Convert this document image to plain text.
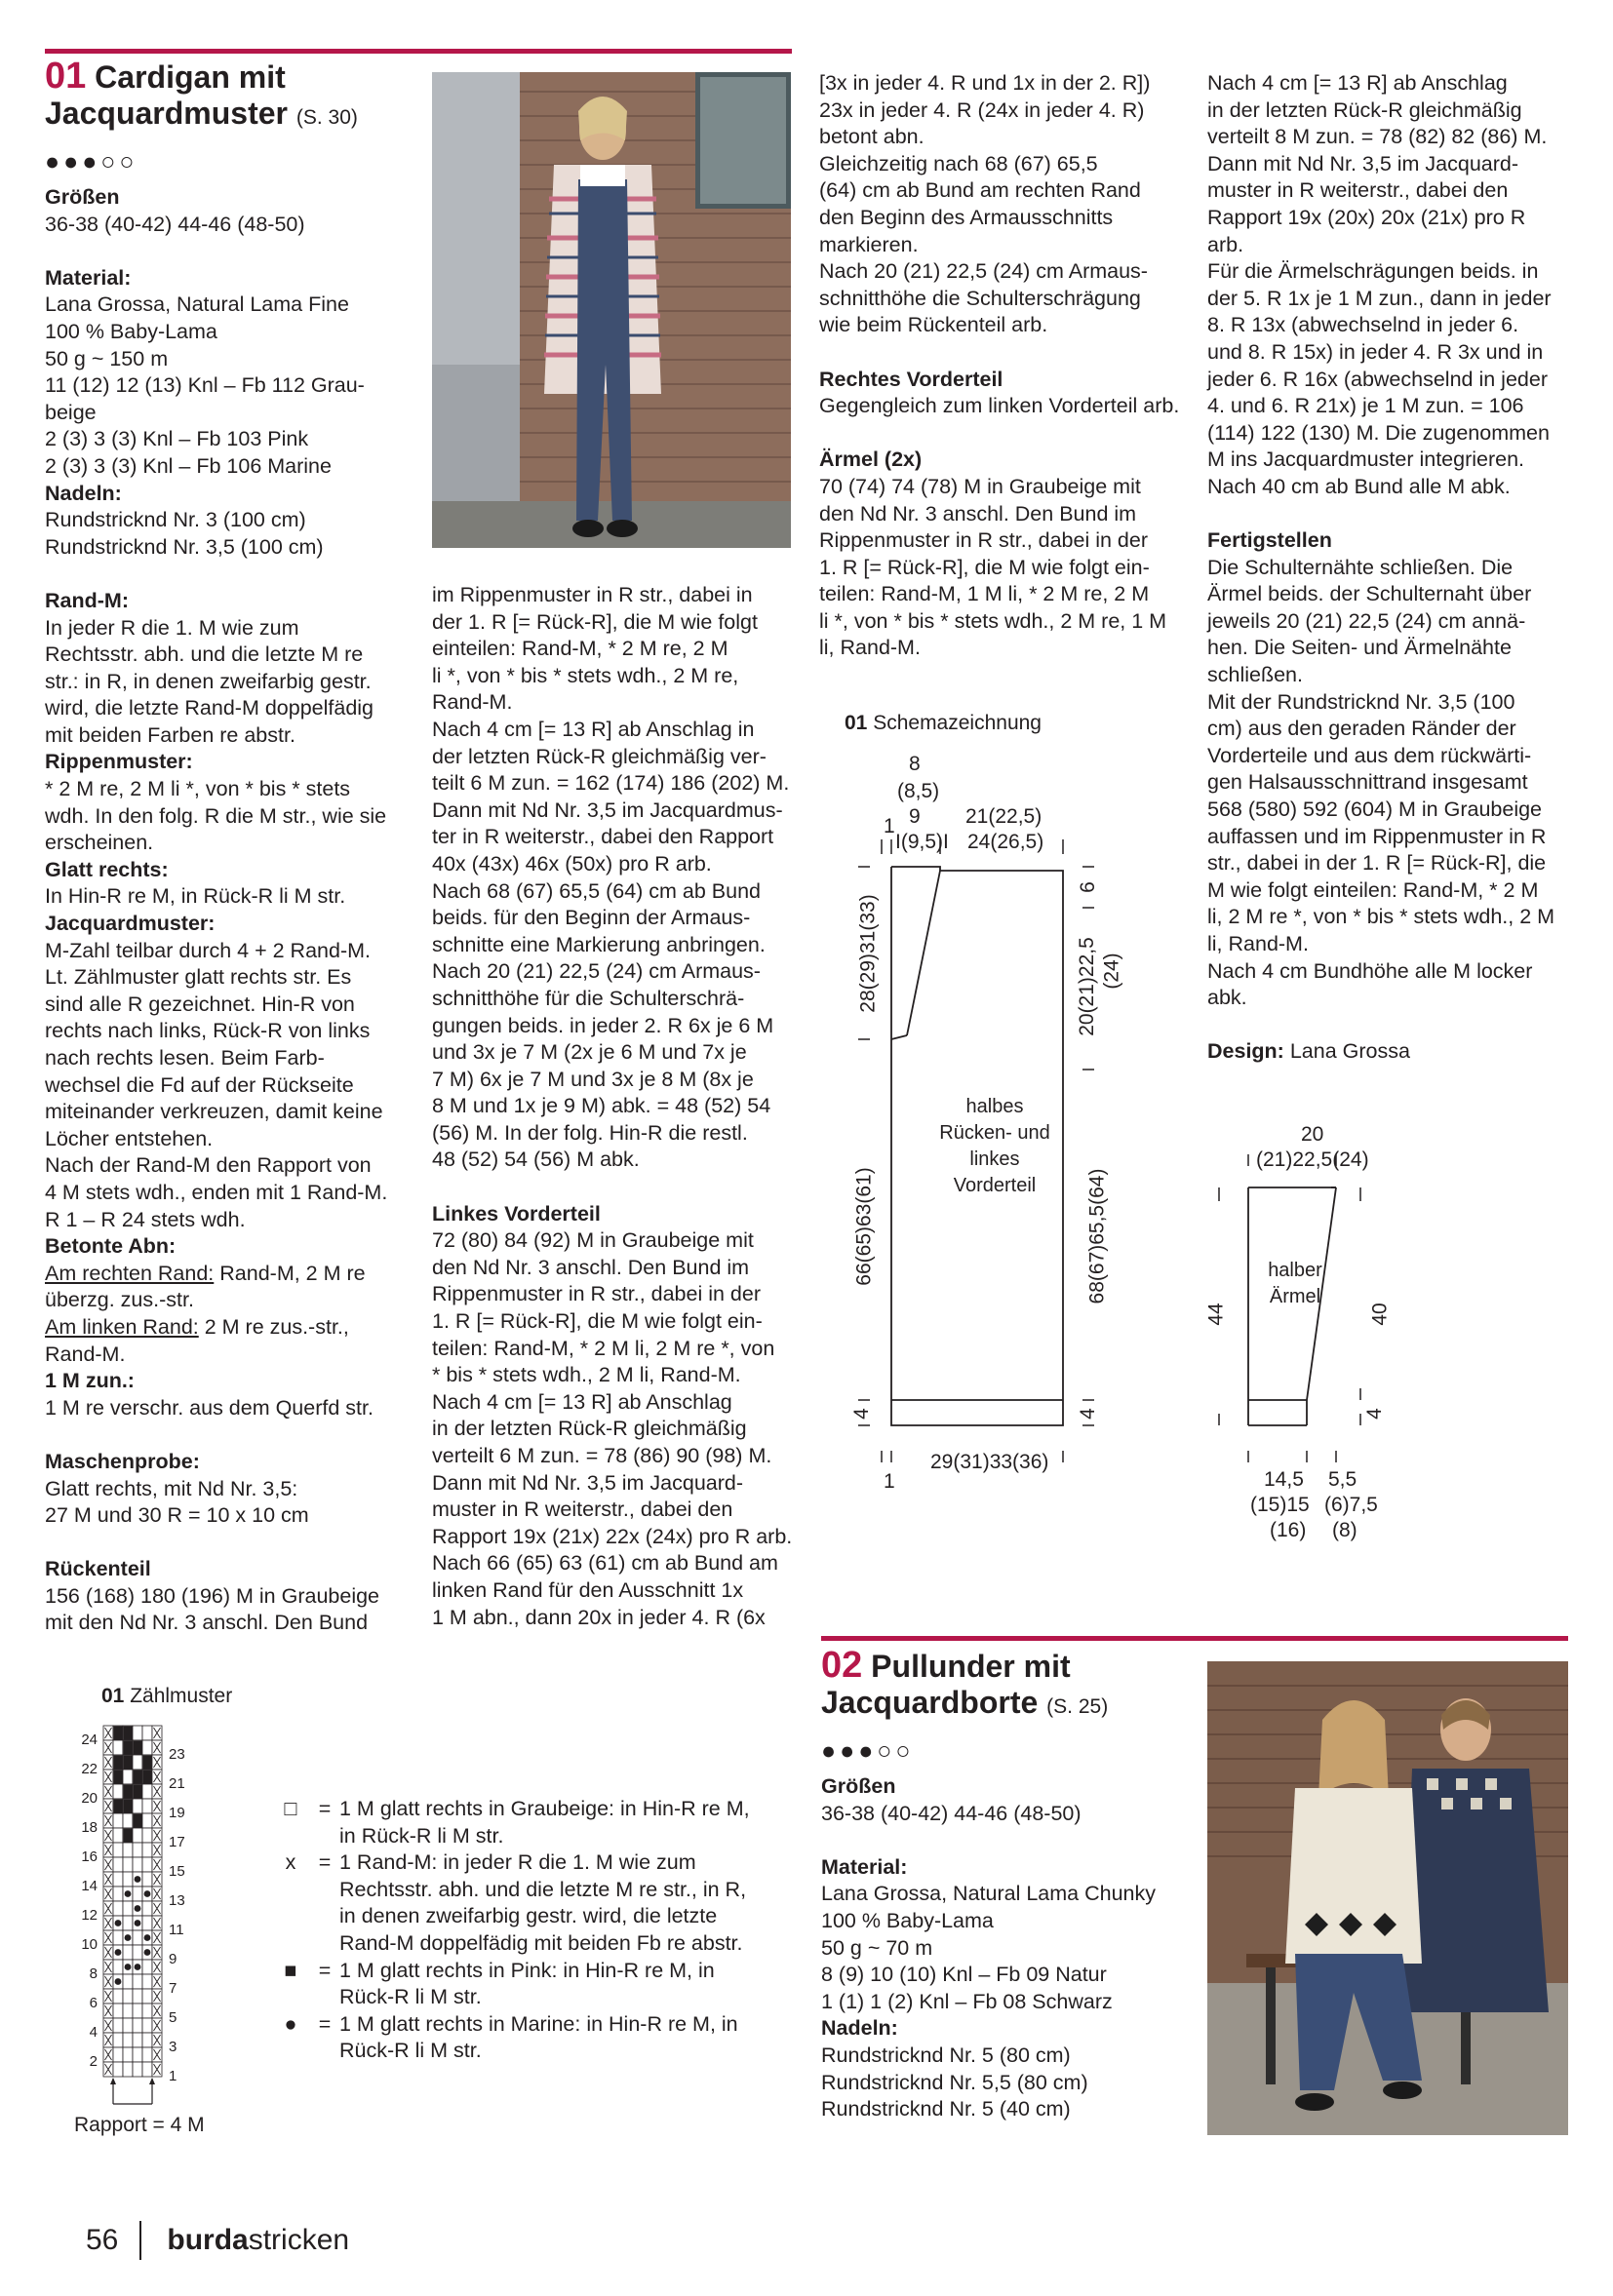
01 Cardigan mit
Jacquardmuster (S. 30)
●●●○○

Größen

36-38 (40-42) 44-46 (48-50)

Material:

Lana Grossa, Natural Lama Fine

100 % Baby-Lama

50 g ~ 150 m

11 (12) 12 (13) Knl – Fb 112 Grau-

beige

2 (3) 3 (3) Knl – Fb 103 Pink

2 (3) 3 (3) Knl – Fb 106 Marine

Nadeln:

Rundstricknd Nr. 3 (100 cm)

Rundstricknd Nr. 3,5 (100 cm)

Rand-M:

In jeder R die 1. M wie zum

Rechtsstr. abh. und die letzte M re

str.: in R, in denen zweifarbig gestr.

wird, die letzte Rand-M doppelfädig

mit beiden Farben re abstr.

Rippenmuster:

* 2 M re, 2 M li *, von * bis * stets

wdh. In den folg. R die M str., wie sie

erscheinen.

Glatt rechts:

In Hin-R re M, in Rück-R li M str.

Jacquardmuster:

M-Zahl teilbar durch 4 + 2 Rand-M.

Lt. Zählmuster glatt rechts str. Es

sind alle R gezeichnet. Hin-R von

rechts nach links, Rück-R von links

nach rechts lesen. Beim Farb-

wechsel die Fd auf der Rückseite

miteinander verkreuzen, damit keine

Löcher entstehen.

Nach der Rand-M den Rapport von

4 M stets wdh., enden mit 1 Rand-M.

R 1 – R 24 stets wdh.

Betonte Abn:

Am rechten Rand: Rand-M, 2 M re

überzg. zus.-str.

Am linken Rand: 2 M re zus.-str.,

Rand-M.

1 M zun.:

1 M re verschr. aus dem Querfd str.

Maschenprobe:

Glatt rechts, mit Nd Nr. 3,5:

27 M und 30 R = 10 x 10 cm

Rückenteil

156 (168) 180 (196) M in Graubeige

mit den Nd Nr. 3 anschl. Den Bund

im Rippenmuster in R str., dabei in

der 1. R [= Rück-R], die M wie folgt

einteilen: Rand-M, * 2 M re, 2 M

li *, von * bis * stets wdh., 2 M re,

Rand-M.

Nach 4 cm [= 13 R] ab Anschlag in

der letzten Rück-R gleichmäßig ver-

teilt 6 M zun. = 162 (174) 186 (202) M.

Dann mit Nd Nr. 3,5 im Jacquardmus-

ter in R weiterstr., dabei den Rapport

40x (43x) 46x (50x) pro R arb.

Nach 68 (67) 65,5 (64) cm ab Bund

beids. für den Beginn der Armaus-

schnitte eine Markierung anbringen.

Nach 20 (21) 22,5 (24) cm Armaus-

schnitthöhe für die Schulterschrä-

gungen beids. in jeder 2. R 6x je 6 M

und 3x je 7 M (2x je 6 M und 7x je

7 M) 6x je 7 M und 3x je 8 M (8x je

8 M und 1x je 9 M) abk. = 48 (52) 54

(56) M. In der folg. Hin-R die restl.

48 (52) 54 (56) M abk.

Linkes Vorderteil

72 (80) 84 (92) M in Graubeige mit

den Nd Nr. 3 anschl. Den Bund im

Rippenmuster in R str., dabei in der

1. R [= Rück-R], die M wie folgt ein-

teilen: Rand-M, * 2 M li, 2 M re *, von

* bis * stets wdh., 2 M li, Rand-M.

Nach 4 cm [= 13 R] ab Anschlag

in der letzten Rück-R gleichmäßig

verteilt 6 M zun. = 78 (86) 90 (98) M.

Dann mit Nd Nr. 3,5 im Jacquard-

muster in R weiterstr., dabei den

Rapport 19x (21x) 22x (24x) pro R arb.

Nach 66 (65) 63 (61) cm ab Bund am

linken Rand für den Ausschnitt 1x

1 M abn., dann 20x in jeder 4. R (6x

[3x in jeder 4. R und 1x in der 2. R])

23x in jeder 4. R (24x in jeder 4. R)

betont abn.

Gleichzeitig nach 68 (67) 65,5

(64) cm ab Bund am rechten Rand

den Beginn des Armausschnitts

markieren.

Nach 20 (21) 22,5 (24) cm Armaus-

schnitthöhe die Schulterschrägung

wie beim Rückenteil arb.

Rechtes Vorderteil

Gegengleich zum linken Vorderteil arb.

Ärmel (2x)

70 (74) 74 (78) M in Graubeige mit

den Nd Nr. 3 anschl. Den Bund im

Rippenmuster in R str., dabei in der

1. R [= Rück-R], die M wie folgt ein-

teilen: Rand-M, 1 M li, * 2 M re, 2 M

li *, von * bis * stets wdh., 2 M re, 1 M

li, Rand-M.

Nach 4 cm [= 13 R] ab Anschlag

in der letzten Rück-R gleichmäßig

verteilt 8 M zun. = 78 (82) 82 (86) M.

Dann mit Nd Nr. 3,5 im Jacquard-

muster in R weiterstr., dabei den

Rapport 19x (20x) 20x (21x) pro R

arb.

Für die Ärmelschrägungen beids. in

der 5. R 1x je 1 M zun., dann in jeder

8. R 13x (abwechselnd in jeder 6.

und 8. R 15x) in jeder 4. R 3x und in

jeder 6. R 16x (abwechselnd in jeder

4. und 6. R 21x) je 1 M zun. = 106

(114) 122 (130) M. Die zugenommen

M ins Jacquardmuster integrieren.

Nach 40 cm ab Bund alle M abk.

Fertigstellen

Die Schulternähte schließen. Die

Ärmel beids. der Schulternaht über

jeweils 20 (21) 22,5 (24) cm annä-

hen. Die Seiten- und Ärmelnähte

schließen.

Mit der Rundstricknd Nr. 3,5 (100

cm) aus den geraden Ränder der

Vorderteile und aus dem rückwärti-

gen Halsausschnittrand insgesamt

568 (580) 592 (604) M in Graubeige

auffassen und im Rippenmuster in R

str., dabei in der 1. R [= Rück-R], die

M wie folgt einteilen: Rand-M, * 2 M

li, 2 M re *, von * bis * stets wdh., 2 M

li, Rand-M.

Nach 4 cm Bundhöhe alle M locker

abk.

Design: Lana Grossa

01 Schemazeichnung
8
(8,5)
1 9
I(9,5)I
21(22,5)
24(26,5)
28(29)31(33)
66(65)63(61)
4
6
20(21)22,5 (24)
68(67)65,5(64)
4
halbes
Rücken- und
linkes
Vorderteil
1
29(31)33(36)
20
(21)22,5(24)
halber
Ärmel
44	40
4
14,5
(15)15
(16)
5,5
(6)7,5
(8)
01 Zählmuster
24
22
20
18
16
14
12
10
8
6
4
2
23
21
19
17
15
13
11
9
7
5
3
1
Rapport = 4 M
□	= 1 M glatt rechts in Graubeige: in Hin-R re M,
in Rück-R li M str.
x	= 1 Rand-M: in jeder R die 1. M wie zum
Rechtsstr. abh. und die letzte M re str., in R,
in denen zweifarbig gestr. wird, die letzte
Rand-M doppelfädig mit beiden Fb re abstr.
■	= 1 M glatt rechts in Pink: in Hin-R re M, in
Rück-R li M str.
●	= 1 M glatt rechts in Marine: in Hin-R re M, in
Rück-R li M str.
02 Pullunder mit
Jacquardborte (S. 25)
●●●○○

Größen

36-38 (40-42) 44-46 (48-50)

Material:

Lana Grossa, Natural Lama Chunky

100 % Baby-Lama

50 g ~ 70 m

8 (9) 10 (10) Knl – Fb 09 Natur

1 (1) 1 (2) Knl – Fb 08 Schwarz

Nadeln:

Rundstricknd Nr. 5 (80 cm)

Rundstricknd Nr. 5,5 (80 cm)

Rundstricknd Nr. 5 (40 cm)

56 burdastricken
